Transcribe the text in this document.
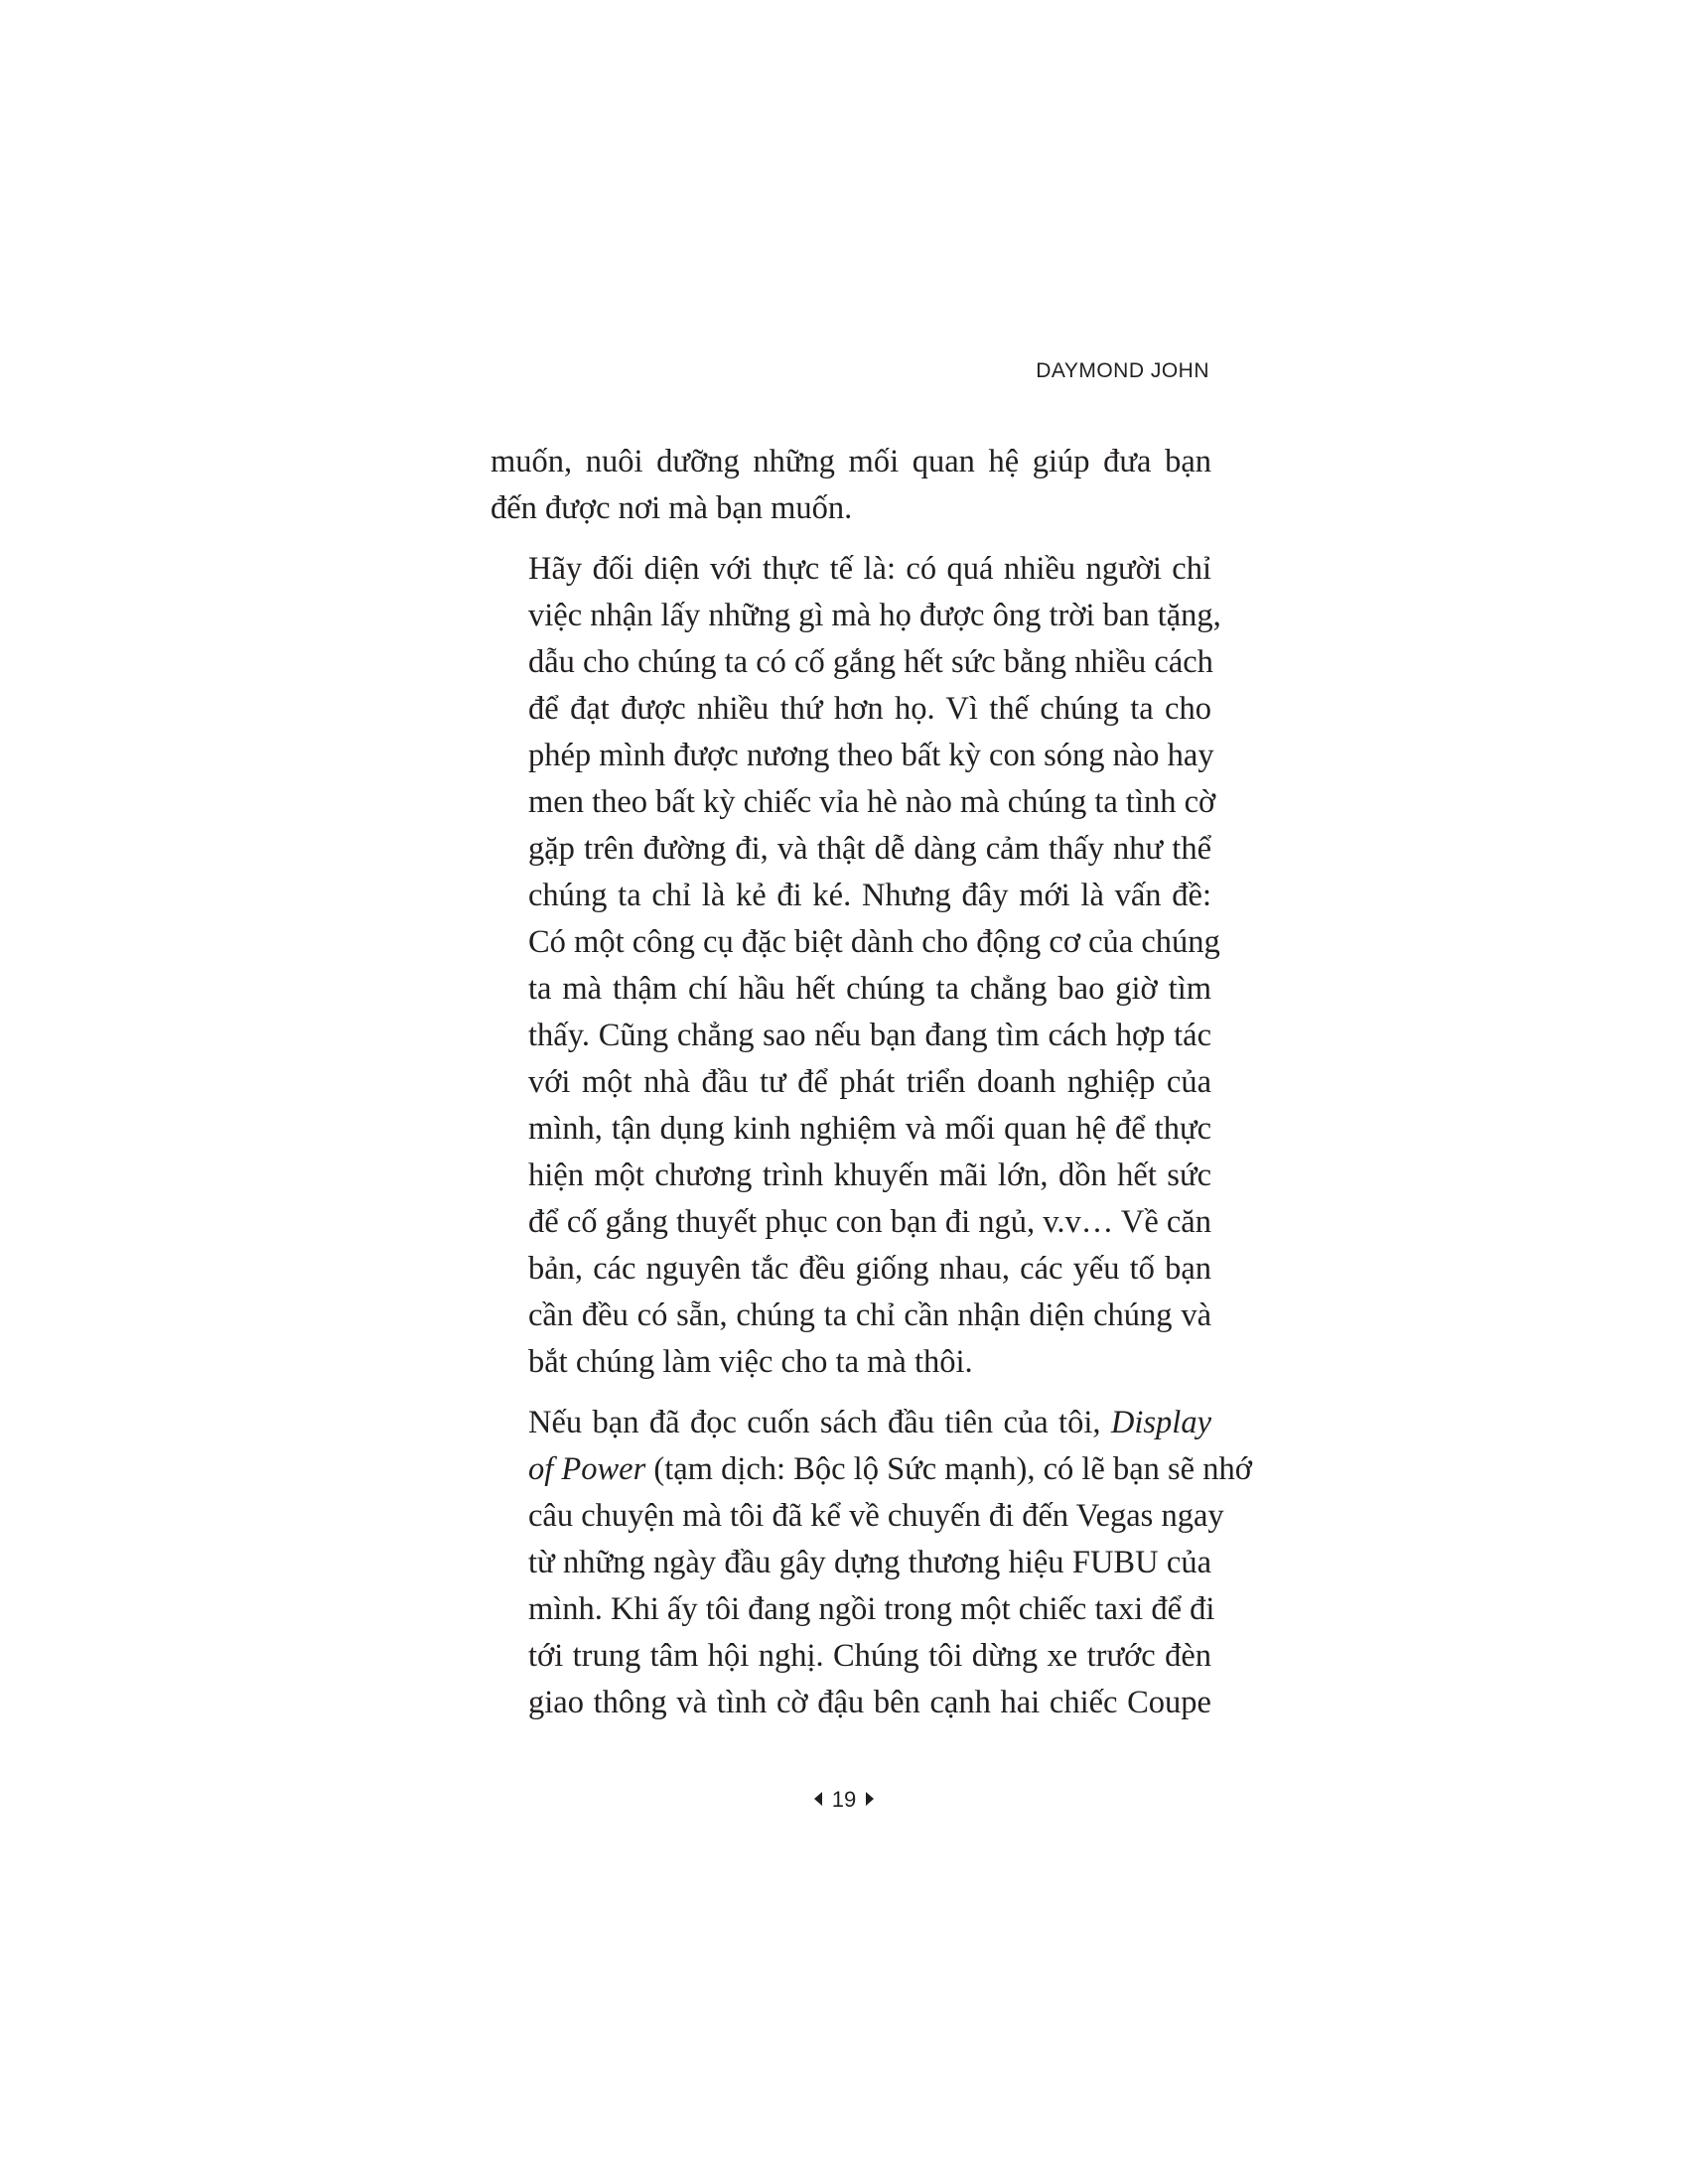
DAYMOND JOHN

muốn, nuôi dưỡng những mối quan hệ giúp đưa bạn
đến được nơi mà bạn muốn.

Hãy đối diện với thực tế là: có quá nhiều người chỉ
việc nhận lấy những gì mà họ được ông trời ban tặng,
dẫu cho chúng ta có cố gắng hết sức bằng nhiều cách
để đạt được nhiều thứ hơn họ. Vì thế chúng ta cho
phép mình được nương theo bất kỳ con sóng nào hay
men theo bất kỳ chiếc vỉa hè nào mà chúng ta tình cờ
gặp trên đường đi, và thật dễ dàng cảm thấy như thể
chúng ta chỉ là kẻ đi ké. Nhưng đây mới là vấn đề:
Có một công cụ đặc biệt dành cho động cơ của chúng
ta mà thậm chí hầu hết chúng ta chẳng bao giờ tìm
thấy. Cũng chẳng sao nếu bạn đang tìm cách hợp tác
với một nhà đầu tư để phát triển doanh nghiệp của
mình, tận dụng kinh nghiệm và mối quan hệ để thực
hiện một chương trình khuyến mãi lớn, dồn hết sức
để cố gắng thuyết phục con bạn đi ngủ, v.v… Về căn
bản, các nguyên tắc đều giống nhau, các yếu tố bạn
cần đều có sẵn, chúng ta chỉ cần nhận diện chúng và
bắt chúng làm việc cho ta mà thôi.

Nếu bạn đã đọc cuốn sách đầu tiên của tôi, Display
of Power (tạm dịch: Bộc lộ Sức mạnh), có lẽ bạn sẽ nhớ
câu chuyện mà tôi đã kể về chuyến đi đến Vegas ngay
từ những ngày đầu gây dựng thương hiệu FUBU của
mình. Khi ấy tôi đang ngồi trong một chiếc taxi để đi
tới trung tâm hội nghị. Chúng tôi dừng xe trước đèn
giao thông và tình cờ đậu bên cạnh hai chiếc Coupe

19
